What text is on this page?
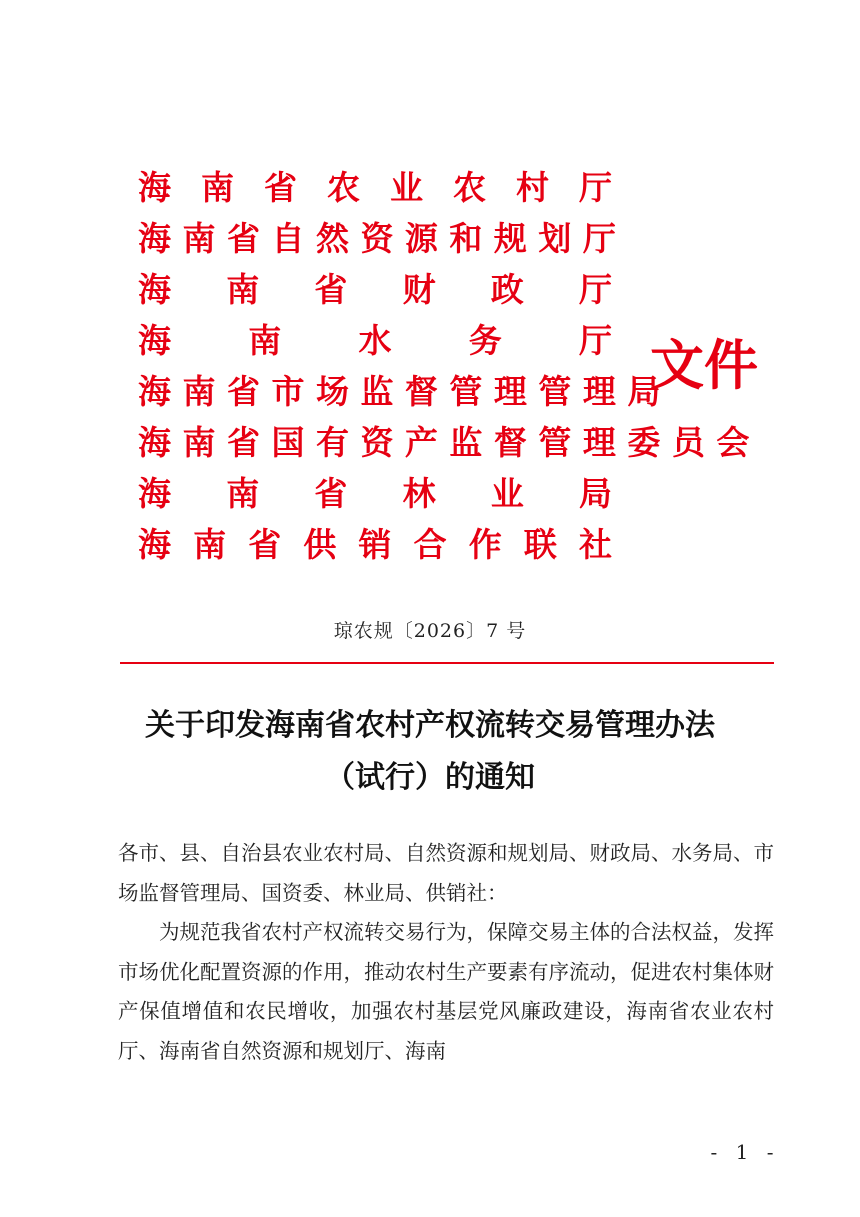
海 南 省 农 业 农 村 厅
海 南 省 自 然 资 源 和 规 划 厅
海 南 省 财 政 厅
海 南 水 务 厅
海 南 省 市 场 监 督 管 理 管 理 局
海 南 省 国 有 资 产 监 督 管 理 委 员 会
海 南 省 林 业 局
海 南 省 供 销 合 作 联 社
文件
琼农规〔2026〕7 号
关于印发海南省农村产权流转交易管理办法
（试行）的通知

各市、县、自治县农业农村局、自然资源和规划局、财政局、水务局、市场监督管理局、国资委、林业局、供销社：

为规范我省农村产权流转交易行为，保障交易主体的合法权益，发挥市场优化配置资源的作用，推动农村生产要素有序流动，促进农村集体财产保值增值和农民增收，加强农村基层党风廉政建设，海南省农业农村厅、海南省自然资源和规划厅、海南

- 1 -
